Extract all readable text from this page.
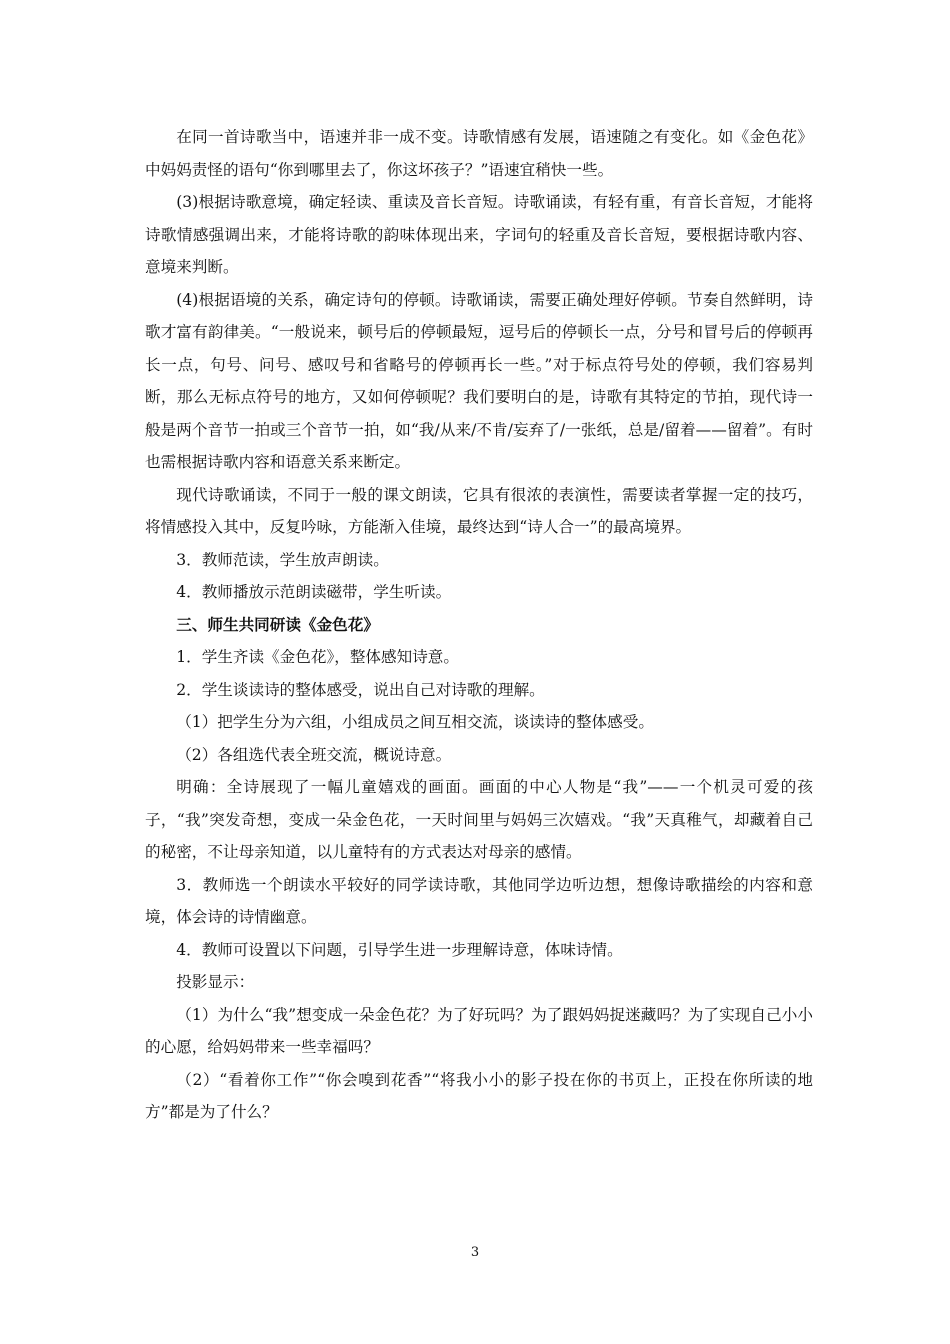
在同一首诗歌当中，语速并非一成不变。诗歌情感有发展，语速随之有变化。如《金色花》中妈妈责怪的语句“你到哪里去了，你这坏孩子？”语速宜稍快一些。

(3)根据诗歌意境，确定轻读、重读及音长音短。诗歌诵读，有轻有重，有音长音短，才能将诗歌情感强调出来，才能将诗歌的韵味体现出来，字词句的轻重及音长音短，要根据诗歌内容、意境来判断。

(4)根据语境的关系，确定诗句的停顿。诗歌诵读，需要正确处理好停顿。节奏自然鲜明，诗歌才富有韵律美。“一般说来，顿号后的停顿最短，逗号后的停顿长一点，分号和冒号后的停顿再长一点，句号、问号、感叹号和省略号的停顿再长一些。”对于标点符号处的停顿，我们容易判断，那么无标点符号的地方，又如何停顿呢？我们要明白的是，诗歌有其特定的节拍，现代诗一般是两个音节一拍或三个音节一拍，如“我/从来/不肯/妄弃了/一张纸，总是/留着——留着”。有时也需根据诗歌内容和语意关系来断定。

现代诗歌诵读，不同于一般的课文朗读，它具有很浓的表演性，需要读者掌握一定的技巧，将情感投入其中，反复吟咏，方能渐入佳境，最终达到“诗人合一”的最高境界。

3．教师范读，学生放声朗读。

4．教师播放示范朗读磁带，学生听读。

三、师生共同研读《金色花》

1．学生齐读《金色花》，整体感知诗意。

2．学生谈读诗的整体感受，说出自己对诗歌的理解。

（1）把学生分为六组，小组成员之间互相交流，谈读诗的整体感受。

（2）各组选代表全班交流，概说诗意。

明确：全诗展现了一幅儿童嬉戏的画面。画面的中心人物是“我”——一个机灵可爱的孩子，“我”突发奇想，变成一朵金色花，一天时间里与妈妈三次嬉戏。“我”天真稚气，却藏着自己的秘密，不让母亲知道，以儿童特有的方式表达对母亲的感情。

3．教师选一个朗读水平较好的同学读诗歌，其他同学边听边想，想像诗歌描绘的内容和意境，体会诗的诗情幽意。

4．教师可设置以下问题，引导学生进一步理解诗意，体味诗情。

投影显示：

（1）为什么“我”想变成一朵金色花？为了好玩吗？为了跟妈妈捉迷藏吗？为了实现自己小小的心愿，给妈妈带来一些幸福吗？

（2）“看着你工作”“你会嗅到花香”“将我小小的影子投在你的书页上，正投在你所读的地方”都是为了什么？

3
